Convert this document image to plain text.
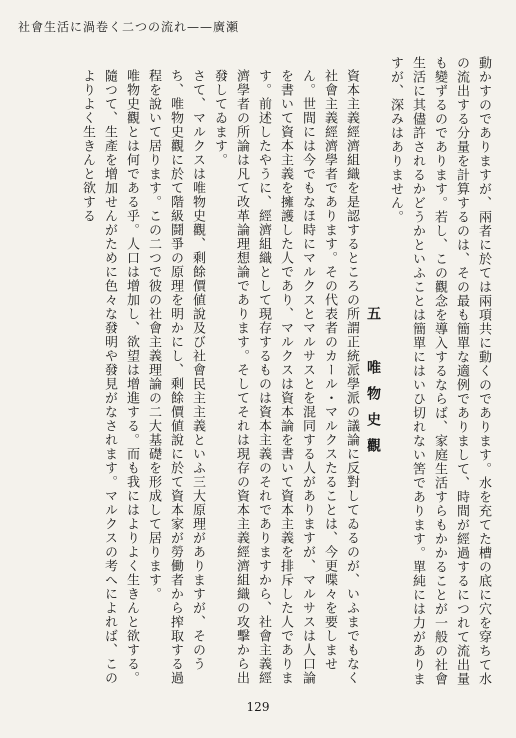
社會生活に渦卷く二つの流れ——廣瀬

動かすのでありますが、兩者に於ては兩項共に動くのであります。水を充てた槽の底に穴を穿ちて水の流出する分量を計算するのは、その最も簡單な適例でありまして、時間が經過するにつれて流出量も變ずるのであります。若し、この觀念を導入するならば、家庭生活すらもかかることが一般の社會生活に其儘許されるかどうかといふことは簡單にはいひ切れない筈であります。單純には力がありますが、深みはありません。

五 唯物史觀

資本主義經濟組織を是認するところの所謂正統派學派の議論に反對してゐるのが、いふまでもなく社會主義經濟學者であります。その代表者のカール・マルクスたることは、今更喋々を要しません。世間には今でもなほ時にマルクスとマルサスとを混同する人がありますが、マルサスは人口論を書いて資本主義を擁護した人であり、マルクスは資本論を書いて資本主義を排斥した人であります。前述したやうに、經濟組織として現存するものは資本主義のそれでありますから、社會主義經濟學者の所論は凡て改革論理想論であります。そしてそれは現存の資本主義經濟組織の攻擊から出發してゐます。

さて、マルクスは唯物史觀、剩餘價値說及び社會民主主義といふ三大原理がありますが、そのうち、唯物史觀に於て階級鬪爭の原理を明かにし、剩餘價値說に於て資本家が勞働者から搾取する過程を說いて居ります。この二つで彼の社會主義理論の二大基礎を形成して居ります。

唯物史觀とは何である乎。人口は增加し、欲望は增進する。而も我にはよりよく生きんと欲する。隨つて、生產を增加せんがために色々な發明や發見がなされます。マルクスの考へによれば、このよりよく生きんと欲する

129
